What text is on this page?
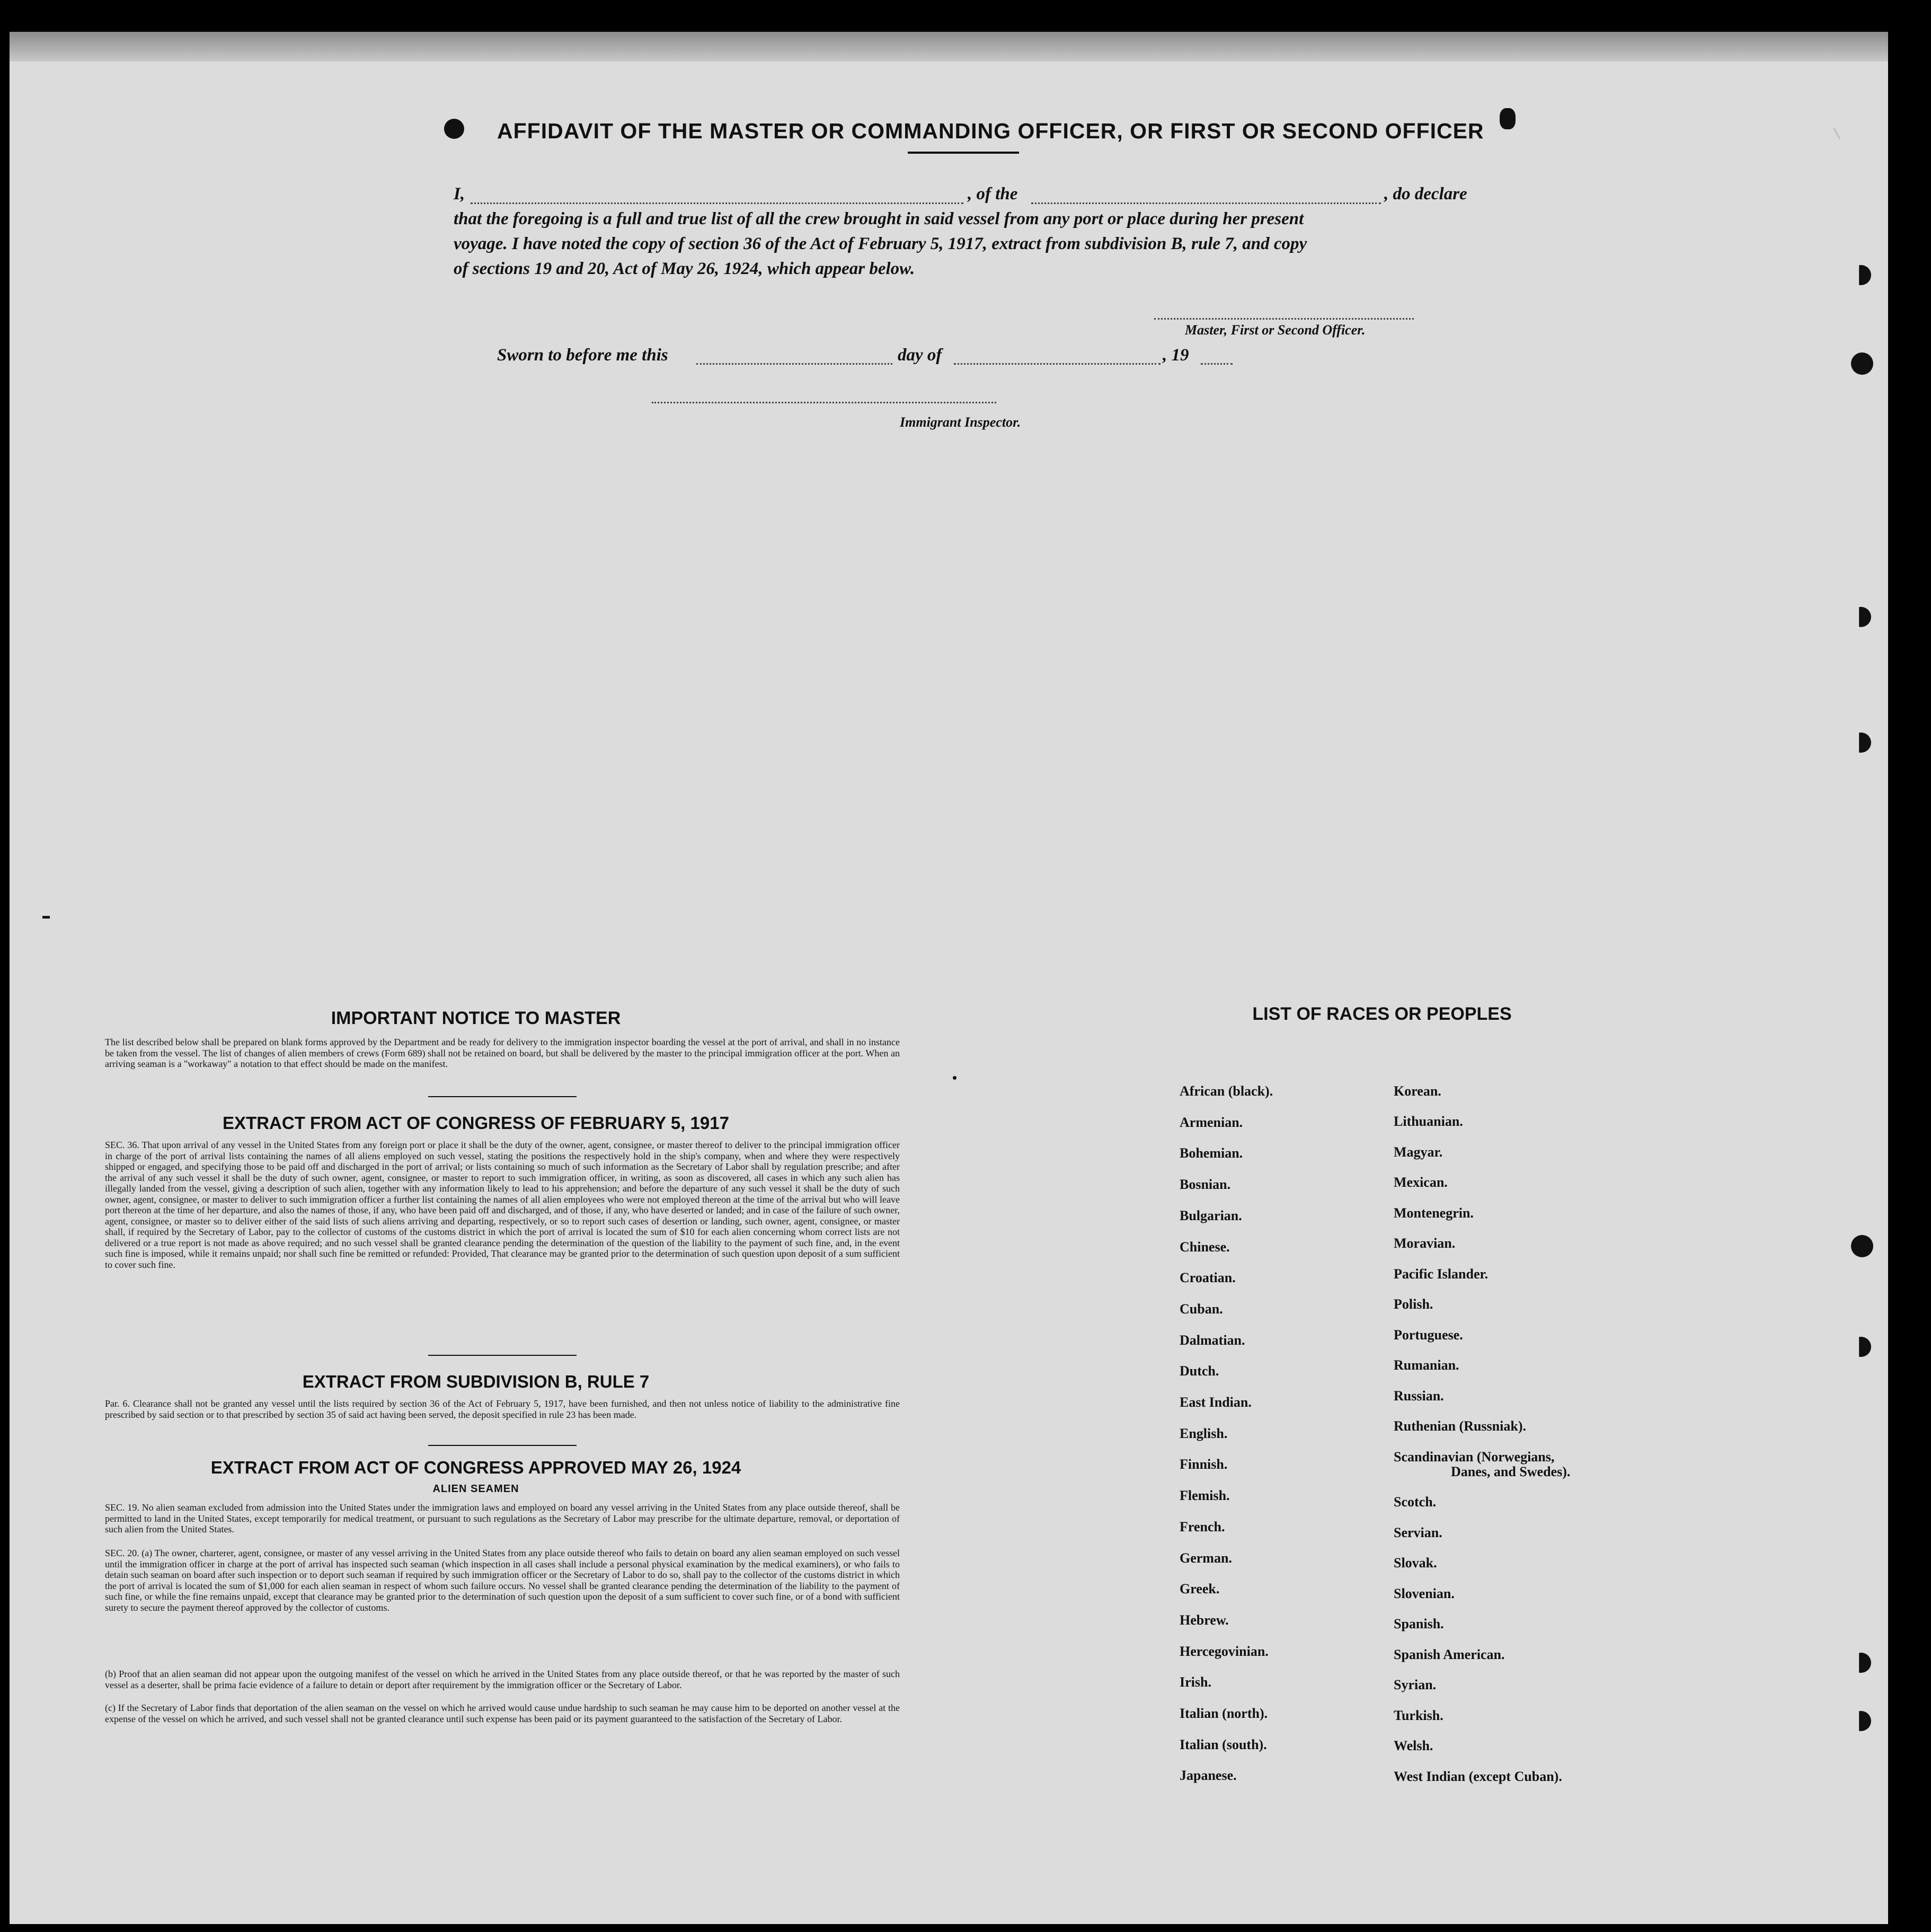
\
AFFIDAVIT OF THE MASTER OR COMMANDING OFFICER, OR FIRST OR SECOND OFFICER
I,	, of the	, do declare
that the foregoing is a full and true list of all the crew brought in said vessel from any port or place during her present
voyage. I have noted the copy of section 36 of the Act of February 5, 1917, extract from subdivision B, rule 7, and copy
of sections 19 and 20, Act of May 26, 1924, which appear below.
Master, First or Second Officer.
Sworn to before me this	day of	, 19
Immigrant Inspector.
IMPORTANT NOTICE TO MASTER
The list described below shall be prepared on blank forms approved by the Department and be ready for delivery to the immigration inspector boarding the vessel at the port of arrival, and shall in no instance be taken from the vessel. The list of changes of alien members of crews (Form 689) shall not be retained on board, but shall be delivered by the master to the principal immigration officer at the port. When an arriving seaman is a "workaway" a notation to that effect should be made on the manifest.
EXTRACT FROM ACT OF CONGRESS OF FEBRUARY 5, 1917
SEC. 36. That upon arrival of any vessel in the United States from any foreign port or place it shall be the duty of the owner, agent, consignee, or master thereof to deliver to the principal immigration officer in charge of the port of arrival lists containing the names of all aliens employed on such vessel, stating the positions the respectively hold in the ship's company, when and where they were respectively shipped or engaged, and specifying those to be paid off and discharged in the port of arrival; or lists containing so much of such information as the Secretary of Labor shall by regulation prescribe; and after the arrival of any such vessel it shall be the duty of such owner, agent, consignee, or master to report to such immigration officer, in writing, as soon as discovered, all cases in which any such alien has illegally landed from the vessel, giving a description of such alien, together with any information likely to lead to his apprehension; and before the departure of any such vessel it shall be the duty of such owner, agent, consignee, or master to deliver to such immigration officer a further list containing the names of all alien employees who were not employed thereon at the time of the arrival but who will leave port thereon at the time of her departure, and also the names of those, if any, who have been paid off and discharged, and of those, if any, who have deserted or landed; and in case of the failure of such owner, agent, consignee, or master so to deliver either of the said lists of such aliens arriving and departing, respectively, or so to report such cases of desertion or landing, such owner, agent, consignee, or master shall, if required by the Secretary of Labor, pay to the collector of customs of the customs district in which the port of arrival is located the sum of $10 for each alien concerning whom correct lists are not delivered or a true report is not made as above required; and no such vessel shall be granted clearance pending the determination of the question of the liability to the payment of such fine, and, in the event such fine is imposed, while it remains unpaid; nor shall such fine be remitted or refunded: Provided, That clearance may be granted prior to the determination of such question upon deposit of a sum sufficient to cover such fine.
EXTRACT FROM SUBDIVISION B, RULE 7
Par. 6. Clearance shall not be granted any vessel until the lists required by section 36 of the Act of February 5, 1917, have been furnished, and then not unless notice of liability to the administrative fine prescribed by said section or to that prescribed by section 35 of said act having been served, the deposit specified in rule 23 has been made.
EXTRACT FROM ACT OF CONGRESS APPROVED MAY 26, 1924
ALIEN SEAMEN
SEC. 19. No alien seaman excluded from admission into the United States under the immigration laws and employed on board any vessel arriving in the United States from any place outside thereof, shall be permitted to land in the United States, except temporarily for medical treatment, or pursuant to such regulations as the Secretary of Labor may prescribe for the ultimate departure, removal, or deportation of such alien from the United States.
SEC. 20. (a) The owner, charterer, agent, consignee, or master of any vessel arriving in the United States from any place outside thereof who fails to detain on board any alien seaman employed on such vessel until the immigration officer in charge at the port of arrival has inspected such seaman (which inspection in all cases shall include a personal physical examination by the medical examiners), or who fails to detain such seaman on board after such inspection or to deport such seaman if required by such immigration officer or the Secretary of Labor to do so, shall pay to the collector of the customs district in which the port of arrival is located the sum of $1,000 for each alien seaman in respect of whom such failure occurs. No vessel shall be granted clearance pending the determination of the liability to the payment of such fine, or while the fine remains unpaid, except that clearance may be granted prior to the determination of such question upon the deposit of a sum sufficient to cover such fine, or of a bond with sufficient surety to secure the payment thereof approved by the collector of customs.
(b) Proof that an alien seaman did not appear upon the outgoing manifest of the vessel on which he arrived in the United States from any place outside thereof, or that he was reported by the master of such vessel as a deserter, shall be prima facie evidence of a failure to detain or deport after requirement by the immigration officer or the Secretary of Labor.
(c) If the Secretary of Labor finds that deportation of the alien seaman on the vessel on which he arrived would cause undue hardship to such seaman he may cause him to be deported on another vessel at the expense of the vessel on which he arrived, and such vessel shall not be granted clearance until such expense has been paid or its payment guaranteed to the satisfaction of the Secretary of Labor.
LIST OF RACES OR PEOPLES
African (black).
Armenian.
Bohemian.
Bosnian.
Bulgarian.
Chinese.
Croatian.
Cuban.
Dalmatian.
Dutch.
East Indian.
English.
Finnish.
Flemish.
French.
German.
Greek.
Hebrew.
Hercegovinian.
Irish.
Italian (north).
Italian (south).
Japanese.
Korean.
Lithuanian.
Magyar.
Mexican.
Montenegrin.
Moravian.
Pacific Islander.
Polish.
Portuguese.
Rumanian.
Russian.
Ruthenian (Russniak).
Scandinavian (Norwegians,
Danes, and Swedes).
Scotch.
Servian.
Slovak.
Slovenian.
Spanish.
Spanish American.
Syrian.
Turkish.
Welsh.
West Indian (except Cuban).
